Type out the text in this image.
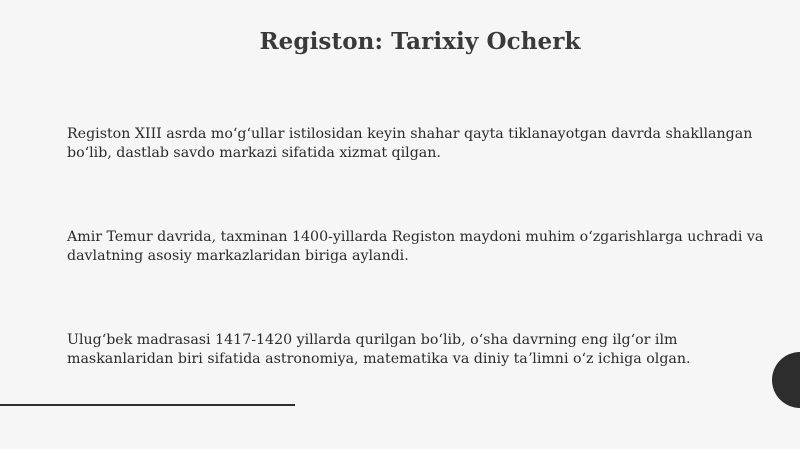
Registon: Tarixiy Ocherk

Registon XIII asrda moʻgʻullar istilosidan keyin shahar qayta tiklanayotgan davrda shakllangan boʻlib, dastlab savdo markazi sifatida xizmat qilgan.

Amir Temur davrida, taxminan 1400-yillarda Registon maydoni muhim oʻzgarishlarga uchradi va davlatning asosiy markazlaridan biriga aylandi.

Ulugʻbek madrasasi 1417-1420 yillarda qurilgan boʻlib, oʻsha davrning eng ilgʻor ilm maskanlaridan biri sifatida astronomiya, matematika va diniy taʼlimni oʻz ichiga olgan.
